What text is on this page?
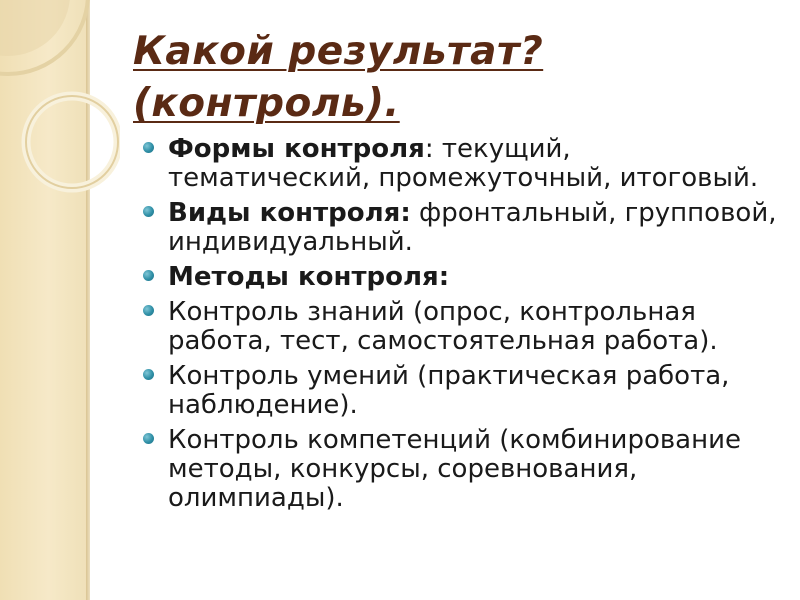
Какой результат?
(контроль).
Формы контроля: текущий, тематический, промежуточный, итоговый.
Виды контроля: фронтальный, групповой, индивидуальный.
Методы контроля:
Контроль знаний (опрос, контрольная работа, тест, самостоятельная работа).
Контроль умений (практическая работа, наблюдение).
Контроль компетенций (комбинирование методы, конкурсы, соревнования, олимпиады).
